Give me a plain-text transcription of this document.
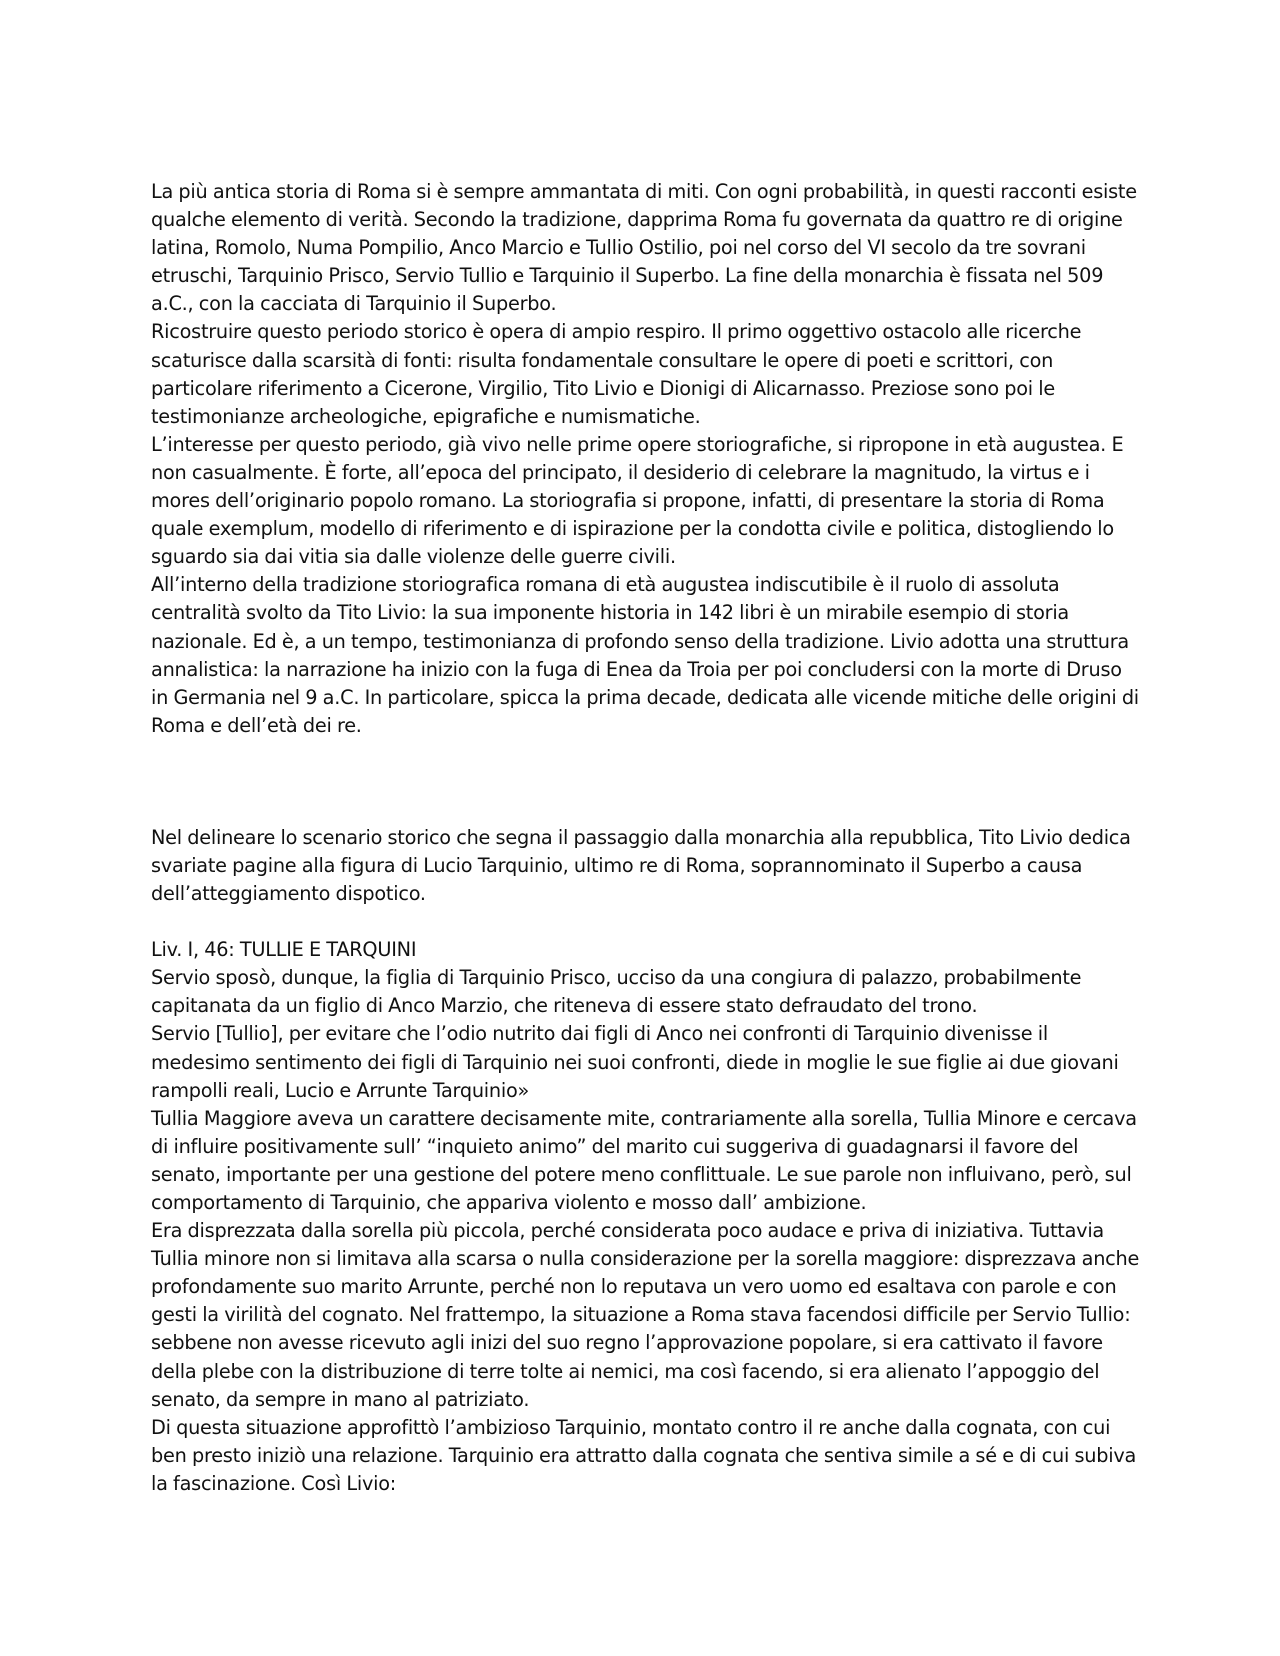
La più antica storia di Roma si è sempre ammantata di miti. Con ogni probabilità, in questi racconti esiste qualche elemento di verità. Secondo la tradizione, dapprima Roma fu governata da quattro re di origine latina, Romolo, Numa Pompilio, Anco Marcio e Tullio Ostilio, poi nel corso del VI secolo da tre sovrani etruschi, Tarquinio Prisco, Servio Tullio e Tarquinio il Superbo. La fine della monarchia è fissata nel 509 a.C., con la cacciata di Tarquinio il Superbo.

Ricostruire questo periodo storico è opera di ampio respiro. Il primo oggettivo ostacolo alle ricerche scaturisce dalla scarsità di fonti: risulta fondamentale consultare le opere di poeti e scrittori, con particolare riferimento a Cicerone, Virgilio, Tito Livio e Dionigi di Alicarnasso. Preziose sono poi le testimonianze archeologiche, epigrafiche e numismatiche.

L’interesse per questo periodo, già vivo nelle prime opere storiografiche, si ripropone in età augustea. E non casualmente. È forte, all’epoca del principato, il desiderio di celebrare la magnitudo, la virtus e i mores dell’originario popolo romano. La storiografia si propone, infatti, di presentare la storia di Roma quale exemplum, modello di riferimento e di ispirazione per la condotta civile e politica, distogliendo lo sguardo sia dai vitia sia dalle violenze delle guerre civili.

All’interno della tradizione storiografica romana di età augustea indiscutibile è il ruolo di assoluta centralità svolto da Tito Livio: la sua imponente historia in 142 libri è un mirabile esempio di storia nazionale. Ed è, a un tempo, testimonianza di profondo senso della tradizione. Livio adotta una struttura annalistica: la narrazione ha inizio con la fuga di Enea da Troia per poi concludersi con la morte di Druso in Germania nel 9 a.C. In particolare, spicca la prima decade, dedicata alle vicende mitiche delle origini di Roma e dell’età dei re.

Nel delineare lo scenario storico che segna il passaggio dalla monarchia alla repubblica, Tito Livio dedica svariate pagine alla figura di Lucio Tarquinio, ultimo re di Roma, soprannominato il Superbo a causa dell’atteggiamento dispotico.

Liv. I, 46: TULLIE E TARQUINI

Servio sposò, dunque, la figlia di Tarquinio Prisco, ucciso da una congiura di palazzo, probabilmente capitanata da un figlio di Anco Marzio, che riteneva di essere stato defraudato del trono.

Servio [Tullio], per evitare che l’odio nutrito dai figli di Anco nei confronti di Tarquinio divenisse il medesimo sentimento dei figli di Tarquinio nei suoi confronti, diede in moglie le sue figlie ai due giovani rampolli reali, Lucio e Arrunte Tarquinio»

Tullia Maggiore aveva un carattere decisamente mite, contrariamente alla sorella, Tullia Minore e cercava di influire positivamente sull’ “inquieto animo” del marito cui suggeriva di guadagnarsi il favore del senato, importante per una gestione del potere meno conflittuale. Le sue parole non influivano, però, sul comportamento di Tarquinio, che appariva violento e mosso dall’ ambizione.

Era disprezzata dalla sorella più piccola, perché considerata poco audace e priva di iniziativa. Tuttavia Tullia minore non si limitava alla scarsa o nulla considerazione per la sorella maggiore: disprezzava anche profondamente suo marito Arrunte, perché non lo reputava un vero uomo ed esaltava con parole e con gesti la virilità del cognato. Nel frattempo, la situazione a Roma stava facendosi difficile per Servio Tullio: sebbene non avesse ricevuto agli inizi del suo regno l’approvazione popolare, si era cattivato il favore della plebe con la distribuzione di terre tolte ai nemici, ma così facendo, si era alienato l’appoggio del senato, da sempre in mano al patriziato.

Di questa situazione approfittò l’ambizioso Tarquinio, montato contro il re anche dalla cognata, con cui ben presto iniziò una relazione. Tarquinio era attratto dalla cognata che sentiva simile a sé e di cui subiva la fascinazione. Così Livio:
